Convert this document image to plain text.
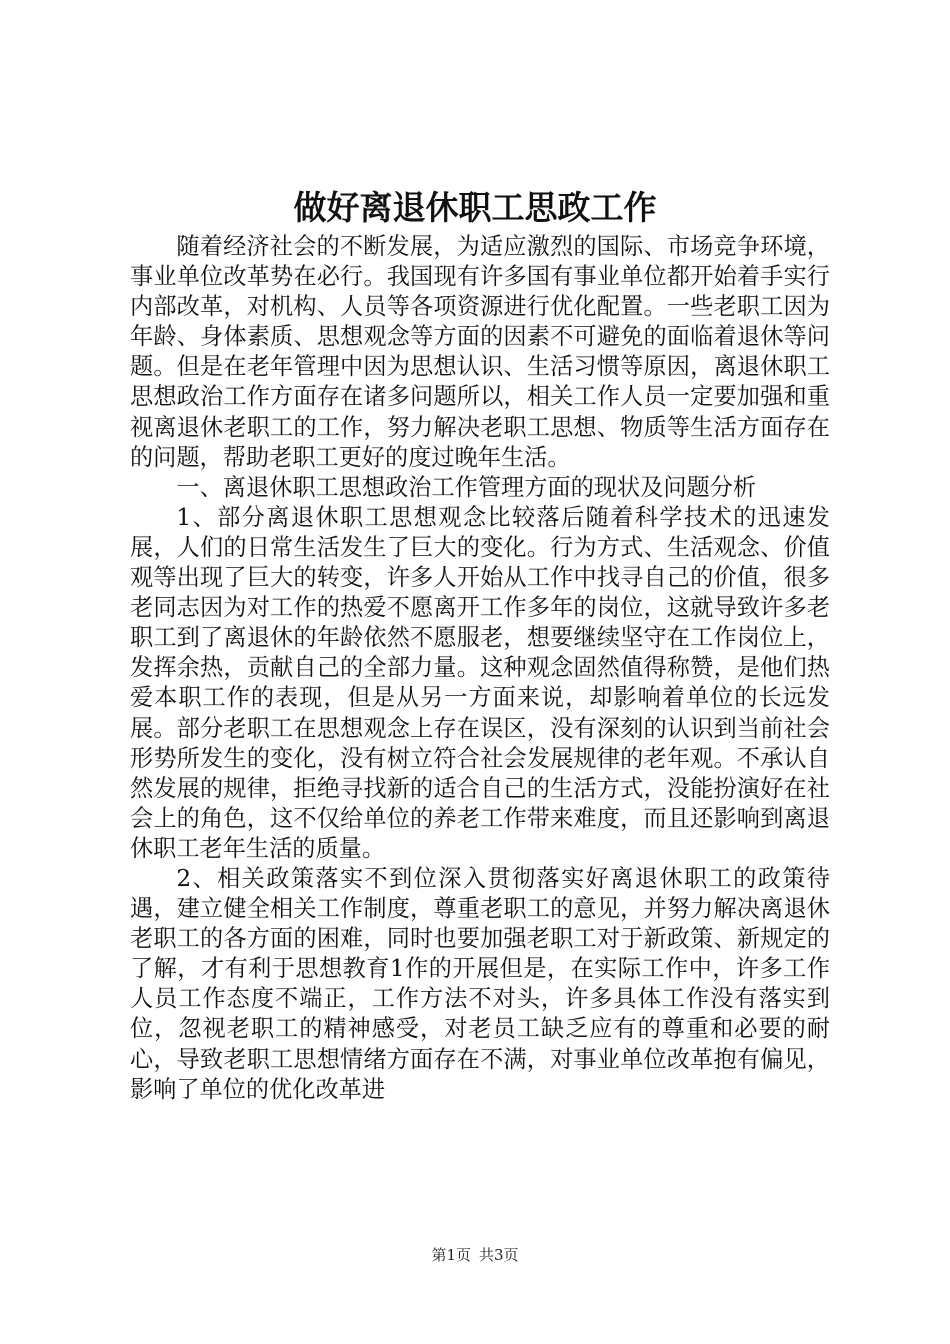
做好离退休职工思政工作

随着经济社会的不断发展，为适应激烈的国际、市场竞争环境，事业单位改革势在必行。我国现有许多国有事业单位都开始着手实行内部改革，对机构、人员等各项资源进行优化配置。一些老职工因为年龄、身体素质、思想观念等方面的因素不可避免的面临着退休等问题。但是在老年管理中因为思想认识、生活习惯等原因，离退休职工思想政治工作方面存在诸多问题所以，相关工作人员一定要加强和重视离退休老职工的工作，努力解决老职工思想、物质等生活方面存在的问题，帮助老职工更好的度过晚年生活。

一、离退休职工思想政治工作管理方面的现状及问题分析

1、部分离退休职工思想观念比较落后随着科学技术的迅速发展，人们的日常生活发生了巨大的变化。行为方式、生活观念、价值观等出现了巨大的转变，许多人开始从工作中找寻自己的价值，很多老同志因为对工作的热爱不愿离开工作多年的岗位，这就导致许多老职工到了离退休的年龄依然不愿服老，想要继续坚守在工作岗位上，发挥余热，贡献自己的全部力量。这种观念固然值得称赞，是他们热爱本职工作的表现，但是从另一方面来说，却影响着单位的长远发展。部分老职工在思想观念上存在误区，没有深刻的认识到当前社会形势所发生的变化，没有树立符合社会发展规律的老年观。不承认自然发展的规律，拒绝寻找新的适合自己的生活方式，没能扮演好在社会上的角色，这不仅给单位的养老工作带来难度，而且还影响到离退休职工老年生活的质量。

2、相关政策落实不到位深入贯彻落实好离退休职工的政策待遇，建立健全相关工作制度，尊重老职工的意见，并努力解决离退休老职工的各方面的困难，同时也要加强老职工对于新政策、新规定的了解，才有利于思想教育1作的开展但是，在实际工作中，许多工作人员工作态度不端正，工作方法不对头，许多具体工作没有落实到位，忽视老职工的精神感受，对老员工缺乏应有的尊重和必要的耐心，导致老职工思想情绪方面存在不满，对事业单位改革抱有偏见，影响了单位的优化改革进

第1页 共3页
